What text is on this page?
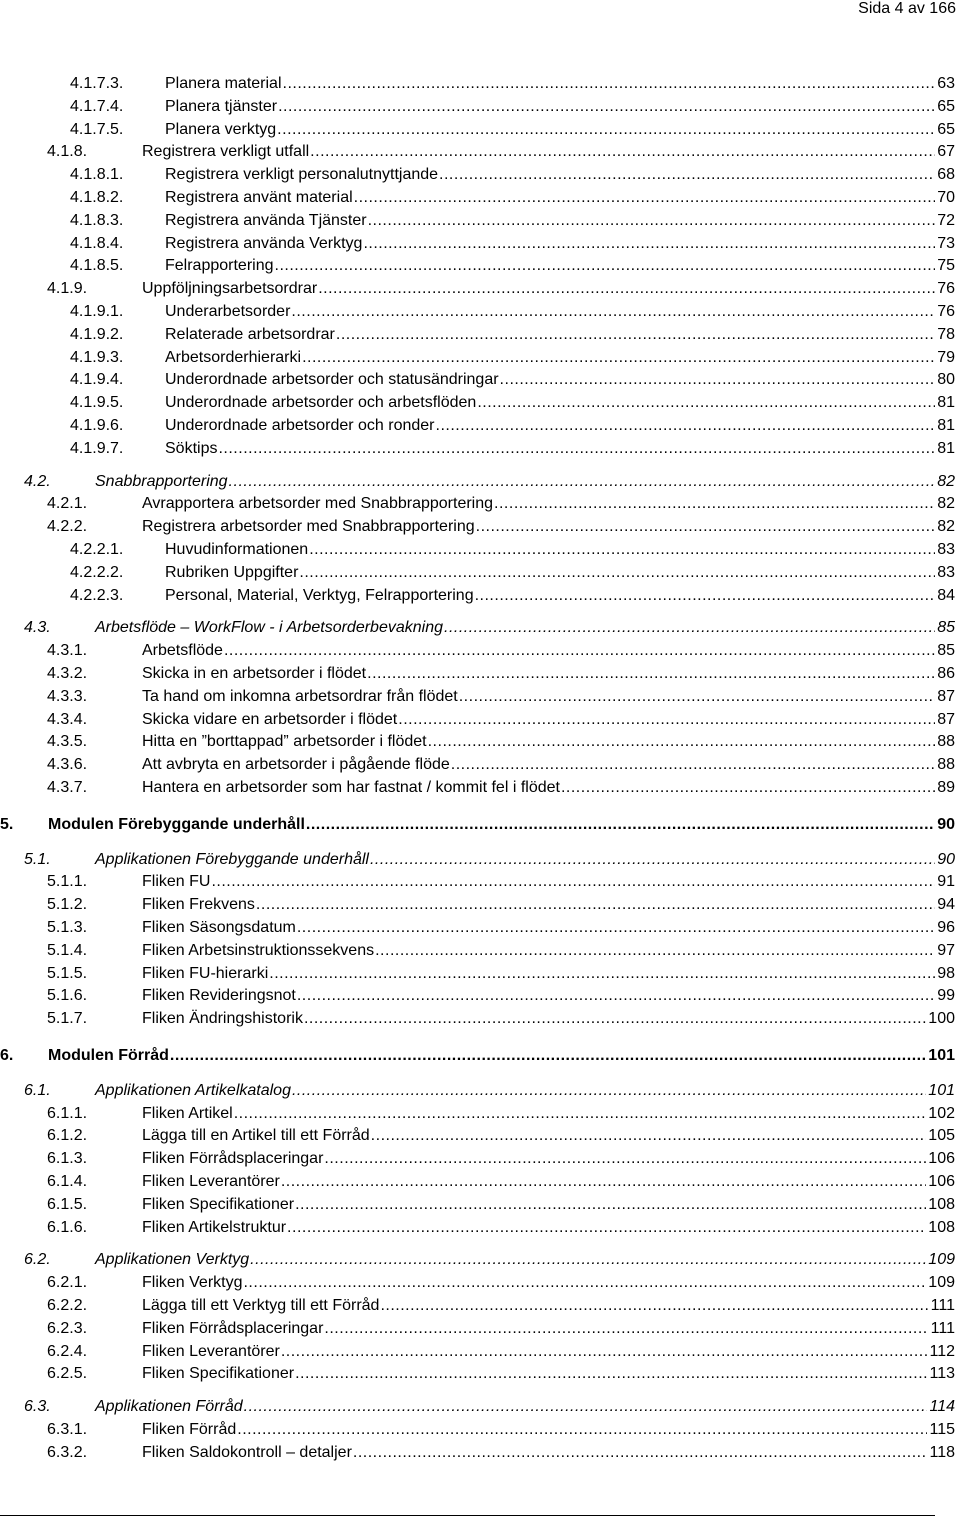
Sida 4 av 166
4.1.7.3.	Planera material .....	63
4.1.7.4.	Planera tjänster .....	65
4.1.7.5.	Planera verktyg .....	65
4.1.8.	Registrera verkligt utfall .....	67
4.1.8.1.	Registrera verkligt personalutnyttjande .....	68
4.1.8.2.	Registrera använt material .....	70
4.1.8.3.	Registrera använda Tjänster .....	72
4.1.8.4.	Registrera använda Verktyg .....	73
4.1.8.5.	Felrapportering .....	75
4.1.9.	Uppföljningsarbetsordrar .....	76
4.1.9.1.	Underarbetsorder .....	76
4.1.9.2.	Relaterade arbetsordrar .....	78
4.1.9.3.	Arbetsorderhierarki .....	79
4.1.9.4.	Underordnade arbetsorder och statusändringar .....	80
4.1.9.5.	Underordnade arbetsorder och arbetsflöden .....	81
4.1.9.6.	Underordnade arbetsorder och ronder .....	81
4.1.9.7.	Söktips .....	81
4.2.	Snabbrapportering .....	82
4.2.1.	Avrapportera arbetsorder med Snabbrapportering .....	82
4.2.2.	Registrera arbetsorder med Snabbrapportering .....	82
4.2.2.1.	Huvudinformationen .....	83
4.2.2.2.	Rubriken Uppgifter .....	83
4.2.2.3.	Personal, Material, Verktyg, Felrapportering .....	84
4.3.	Arbetsflöde – WorkFlow - i Arbetsorderbevakning .....	85
4.3.1.	Arbetsflöde .....	85
4.3.2.	Skicka in en arbetsorder i flödet .....	86
4.3.3.	Ta hand om inkomna arbetsordrar från flödet .....	87
4.3.4.	Skicka vidare en arbetsorder i flödet .....	87
4.3.5.	Hitta en ”borttappad” arbetsorder i flödet .....	88
4.3.6.	Att avbryta en arbetsorder i pågående flöde .....	88
4.3.7.	Hantera en arbetsorder som har fastnat / kommit fel i flödet .....	89
5. Modulen Förebyggande underhåll .....	90
5.1.	Applikationen Förebyggande underhåll .....	90
5.1.1.	Fliken FU .....	91
5.1.2.	Fliken Frekvens .....	94
5.1.3.	Fliken Säsongsdatum .....	96
5.1.4.	Fliken Arbetsinstruktionssekvens .....	97
5.1.5.	Fliken FU-hierarki .....	98
5.1.6.	Fliken Revideringsnot .....	99
5.1.7.	Fliken Ändringshistorik .....	100
6. Modulen Förråd .....	101
6.1.	Applikationen Artikelkatalog .....	101
6.1.1.	Fliken Artikel .....	102
6.1.2.	Lägga till en Artikel till ett Förråd .....	105
6.1.3.	Fliken Förrådsplaceringar .....	106
6.1.4.	Fliken Leverantörer .....	106
6.1.5.	Fliken Specifikationer .....	108
6.1.6.	Fliken Artikelstruktur .....	108
6.2.	Applikationen Verktyg .....	109
6.2.1.	Fliken Verktyg .....	109
6.2.2.	Lägga till ett Verktyg till ett Förråd .....	111
6.2.3.	Fliken Förrådsplaceringar .....	111
6.2.4.	Fliken Leverantörer .....	112
6.2.5.	Fliken Specifikationer .....	113
6.3.	Applikationen Förråd .....	114
6.3.1.	Fliken Förråd .....	115
6.3.2.	Fliken Saldokontroll – detaljer .....	118
